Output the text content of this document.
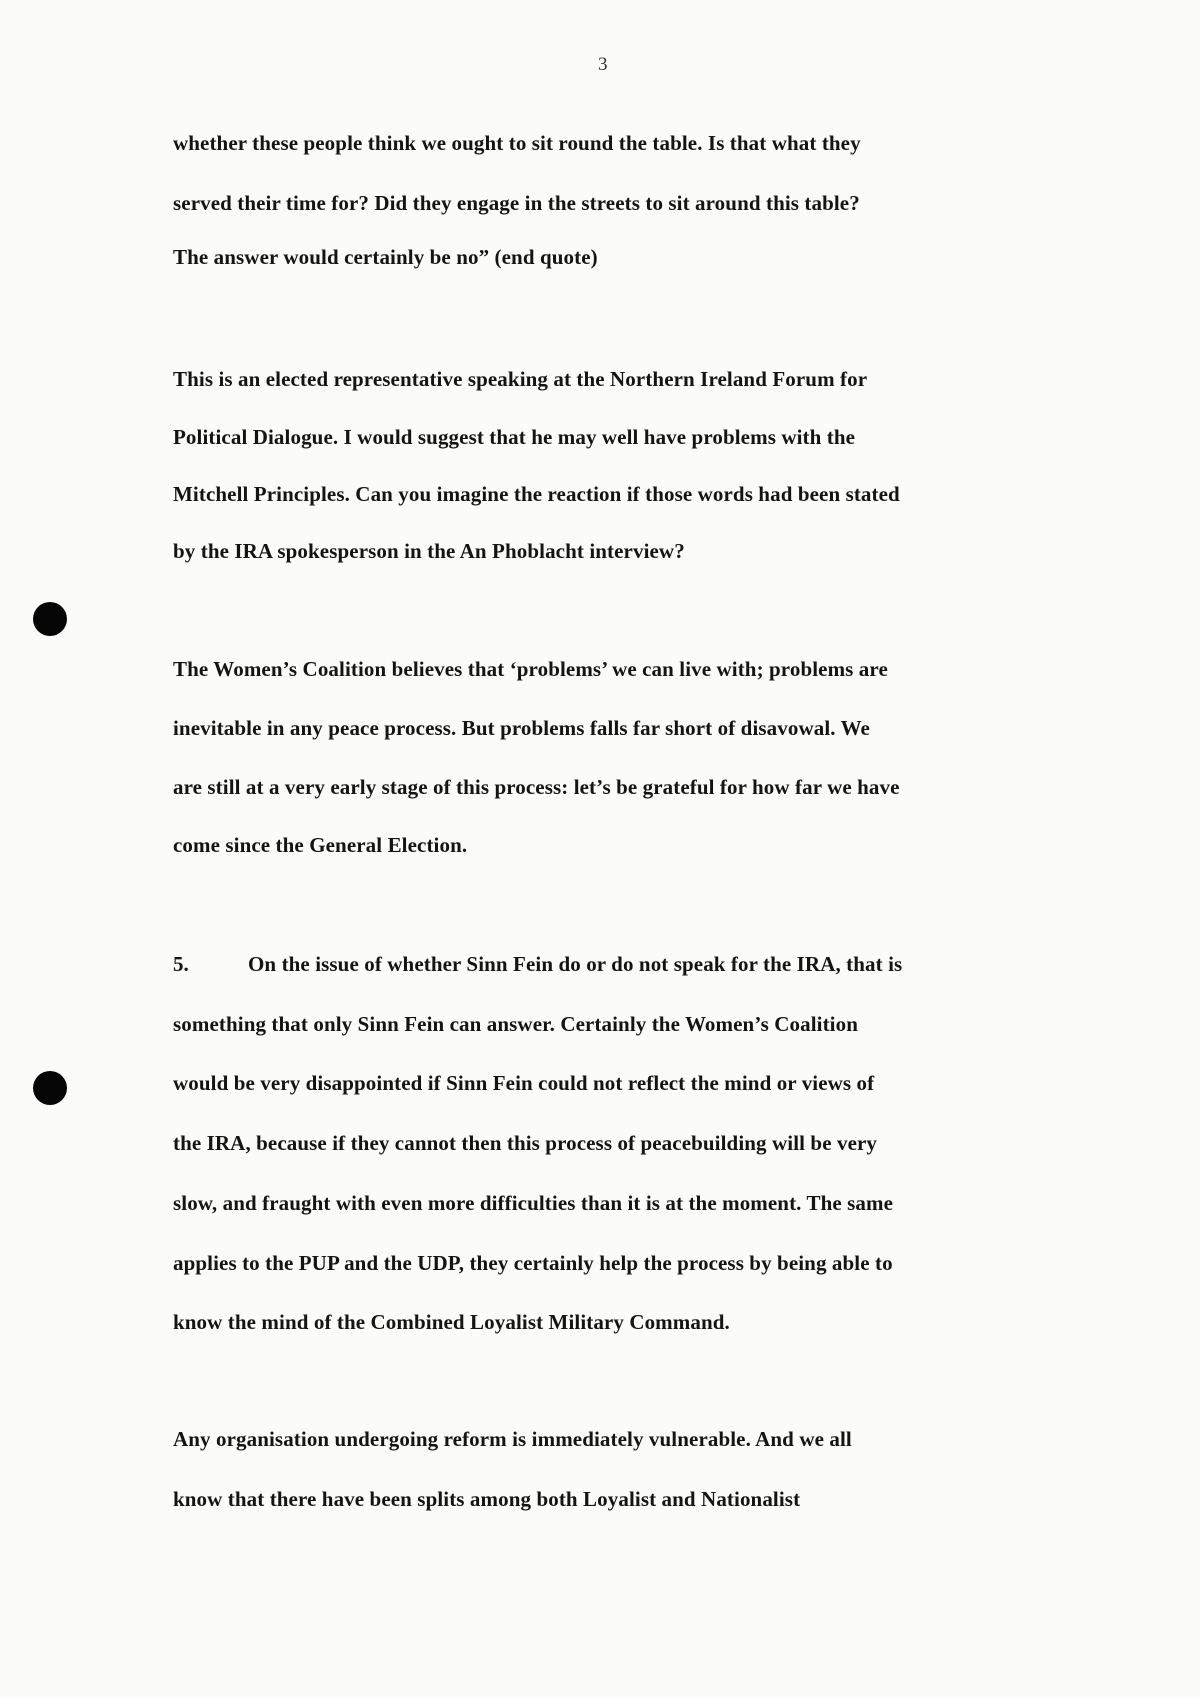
3
whether these people think we ought to sit round the table. Is that what they
served their time for? Did they engage in the streets to sit around this table?
The answer would certainly be no” (end quote)
This is an elected representative speaking at the Northern Ireland Forum for
Political Dialogue. I would suggest that he may well have problems with the
Mitchell Principles. Can you imagine the reaction if those words had been stated
by the IRA spokesperson in the An Phoblacht interview?
The Women’s Coalition believes that ‘problems’ we can live with; problems are
inevitable in any peace process. But problems falls far short of disavowal. We
are still at a very early stage of this process: let’s be grateful for how far we have
come since the General Election.
5.	On the issue of whether Sinn Fein do or do not speak for the IRA, that is
something that only Sinn Fein can answer. Certainly the Women’s Coalition
would be very disappointed if Sinn Fein could not reflect the mind or views of
the IRA, because if they cannot then this process of peacebuilding will be very
slow, and fraught with even more difficulties than it is at the moment. The same
applies to the PUP and the UDP, they certainly help the process by being able to
know the mind of the Combined Loyalist Military Command.
Any organisation undergoing reform is immediately vulnerable. And we all
know that there have been splits among both Loyalist and Nationalist
